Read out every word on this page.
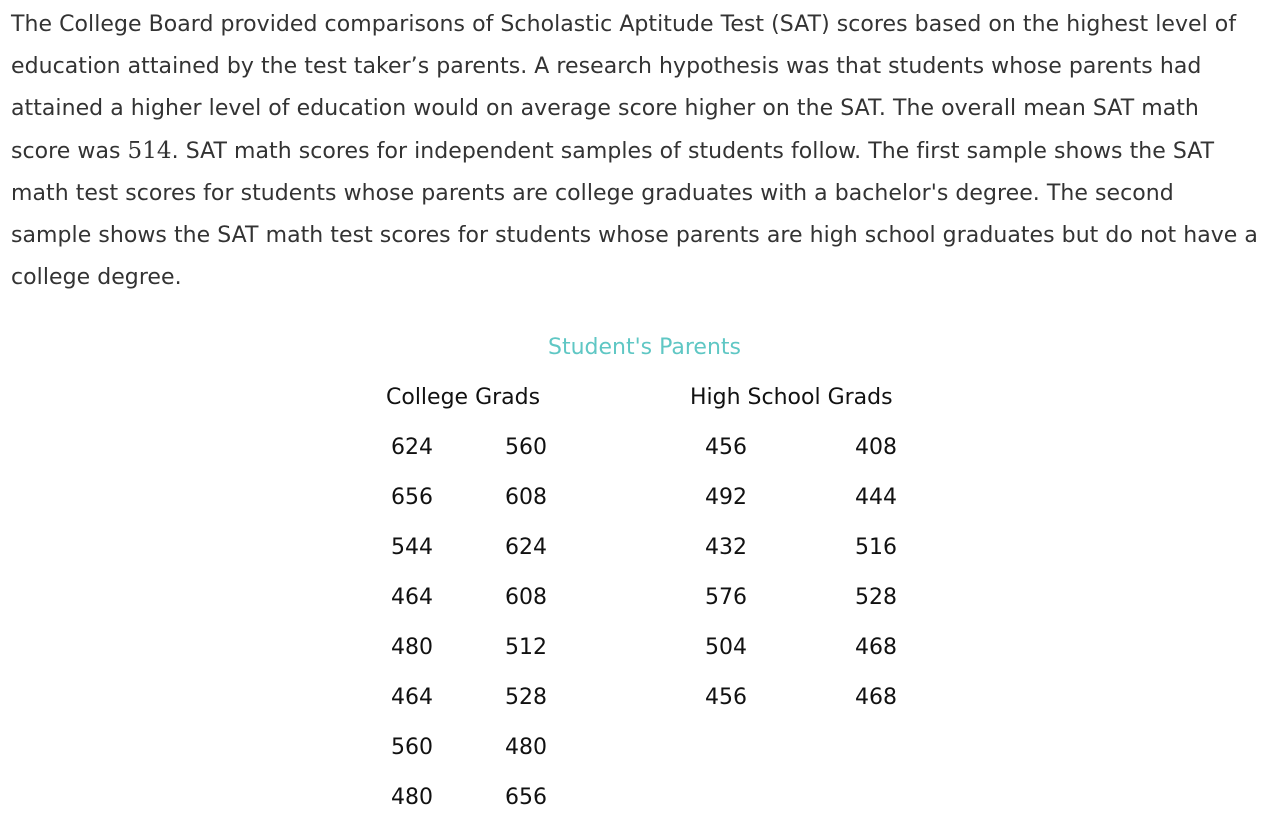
The College Board provided comparisons of Scholastic Aptitude Test (SAT) scores based on the highest level of education attained by the test taker’s parents. A research hypothesis was that students whose parents had attained a higher level of education would on average score higher on the SAT. The overall mean SAT math score was 514. SAT math scores for independent samples of students follow. The first sample shows the SAT math test scores for students whose parents are college graduates with a bachelor's degree. The second sample shows the SAT math test scores for students whose parents are high school graduates but do not have a college degree.

Student's Parents
College Grads	High School Grads
624
656
544
464
480
464
560
480
560
608
624
608
512
528
480
656
456
492
432
576
504
456
408
444
516
528
468
468
